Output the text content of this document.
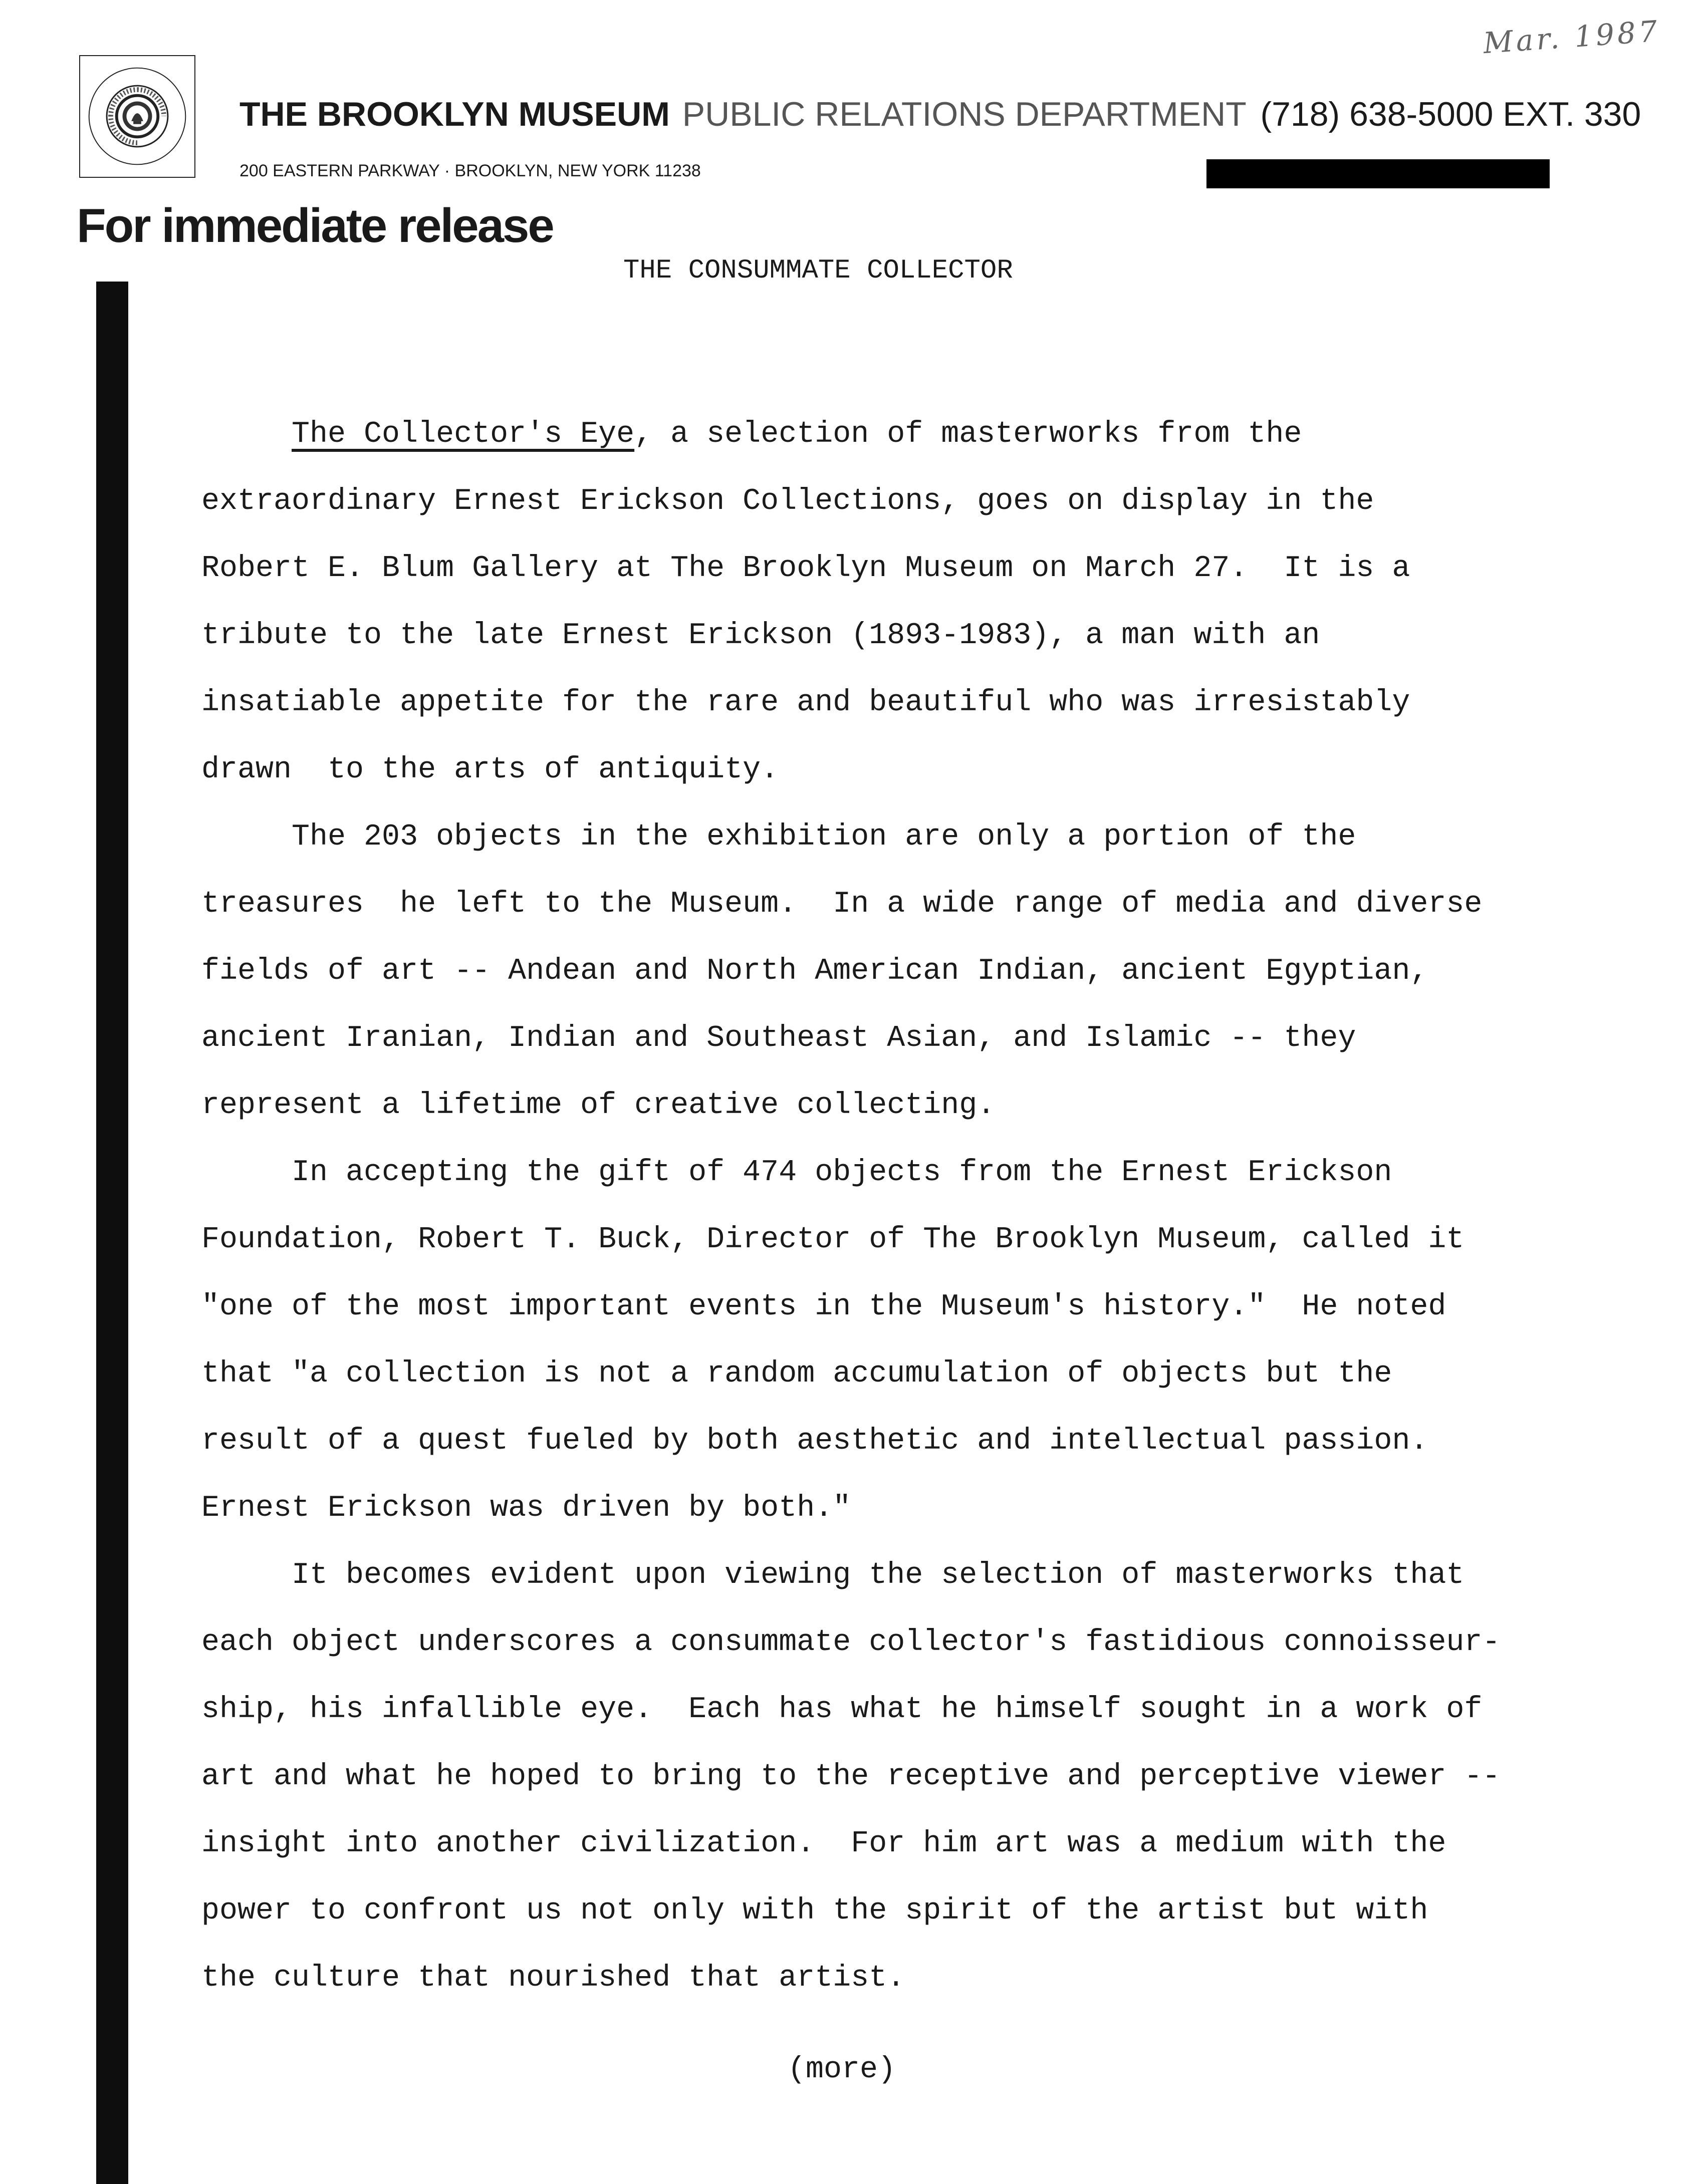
Mar. 1987
THE BROOKLYN MUSEUM PUBLIC RELATIONS DEPARTMENT (718) 638-5000 EXT. 330
200 EASTERN PARKWAY · BROOKLYN, NEW YORK 11238
For immediate release
THE CONSUMMATE COLLECTOR
The Collector's Eye, a selection of masterworks from the
extraordinary Ernest Erickson Collections, goes on display in the
Robert E. Blum Gallery at The Brooklyn Museum on March 27.  It is a
tribute to the late Ernest Erickson (1893-1983), a man with an
insatiable appetite for the rare and beautiful who was irresistably
drawn  to the arts of antiquity.
The 203 objects in the exhibition are only a portion of the
treasures  he left to the Museum.  In a wide range of media and diverse
fields of art -- Andean and North American Indian, ancient Egyptian,
ancient Iranian, Indian and Southeast Asian, and Islamic -- they
represent a lifetime of creative collecting.
In accepting the gift of 474 objects from the Ernest Erickson
Foundation, Robert T. Buck, Director of The Brooklyn Museum, called it
"one of the most important events in the Museum's history."  He noted
that "a collection is not a random accumulation of objects but the
result of a quest fueled by both aesthetic and intellectual passion.
Ernest Erickson was driven by both."
It becomes evident upon viewing the selection of masterworks that
each object underscores a consummate collector's fastidious connoisseur-
ship, his infallible eye.  Each has what he himself sought in a work of
art and what he hoped to bring to the receptive and perceptive viewer --
insight into another civilization.  For him art was a medium with the
power to confront us not only with the spirit of the artist but with
the culture that nourished that artist.
(more)
